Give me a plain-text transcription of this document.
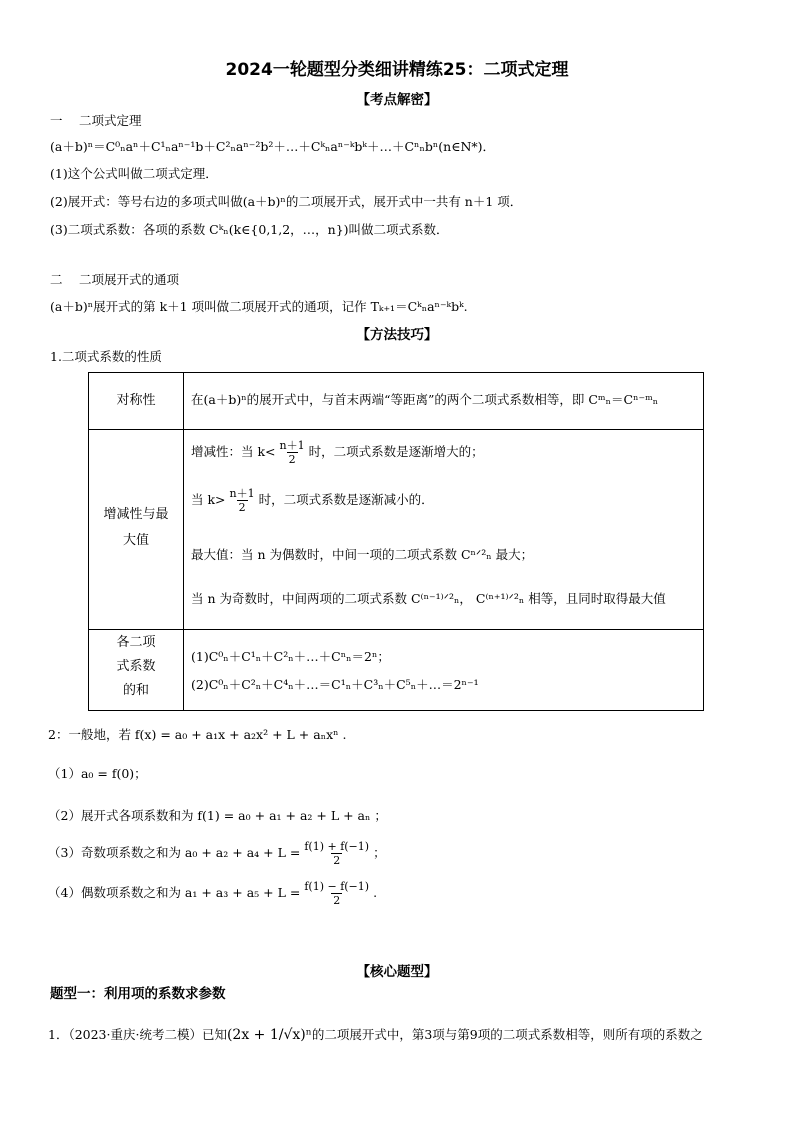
2024一轮题型分类细讲精练25：二项式定理
【考点解密】
一　 二项式定理
(a＋b)ⁿ＝C⁰ₙaⁿ＋C¹ₙaⁿ⁻¹b＋C²ₙaⁿ⁻²b²＋…＋Cᵏₙaⁿ⁻ᵏbᵏ＋…＋Cⁿₙbⁿ(n∈N*)．
(1)这个公式叫做二项式定理．
(2)展开式：等号右边的多项式叫做(a＋b)ⁿ的二项展开式，展开式中一共有 n＋1 项．
(3)二项式系数：各项的系数 Cᵏₙ(k∈{0,1,2，…，n})叫做二项式系数．
二　 二项展开式的通项
(a＋b)ⁿ展开式的第 k＋1 项叫做二项展开式的通项，记作 Tₖ₊₁＝Cᵏₙaⁿ⁻ᵏbᵏ.
【方法技巧】
1.二项式系数的性质
对称性	在(a＋b)ⁿ的展开式中，与首末两端“等距离”的两个二项式系数相等，即 Cᵐₙ＝Cⁿ⁻ᵐₙ
增减性与最
大值
增减性：当 $k< \frac{n+1}{2}$ 时，二项式系数是逐渐增大的；
当 $k> \frac{n+1}{2}$ 时，二项式系数是逐渐减小的．
最大值：当 n 为偶数时，中间一项的二项式系数 Cⁿᐟ²ₙ 最大；
当 n 为奇数时，中间两项的二项式系数 C⁽ⁿ⁻¹⁾ᐟ²ₙ， C⁽ⁿ⁺¹⁾ᐟ²ₙ 相等，且同时取得最大值
各二项
式系数
的和
(1)C⁰ₙ＋C¹ₙ＋C²ₙ＋…＋Cⁿₙ＝2ⁿ；
(2)C⁰ₙ＋C²ₙ＋C⁴ₙ＋…＝C¹ₙ＋C³ₙ＋C⁵ₙ＋…＝2ⁿ⁻¹
2：一般地，若 f(x) = a₀ + a₁x + a₂x² + L + aₙxⁿ .
（1）a₀ = f(0)；
（2）展开式各项系数和为 f(1) = a₀ + a₁ + a₂ + L + aₙ ；
（3）奇数项系数之和为 $a_0 + a_2 + a_4 + L = \frac{f(1) + f(-1)}{2}$ ；
（4）偶数项系数之和为 $a_1 + a_3 + a_5 + L = \frac{f(1) - f(-1)}{2}$ .
【核心题型】
题型一：利用项的系数求参数
1．（2023·重庆·统考二模）已知(2x + 1/√x)ⁿ的二项展开式中，第3项与第9项的二项式系数相等，则所有项的系数之
